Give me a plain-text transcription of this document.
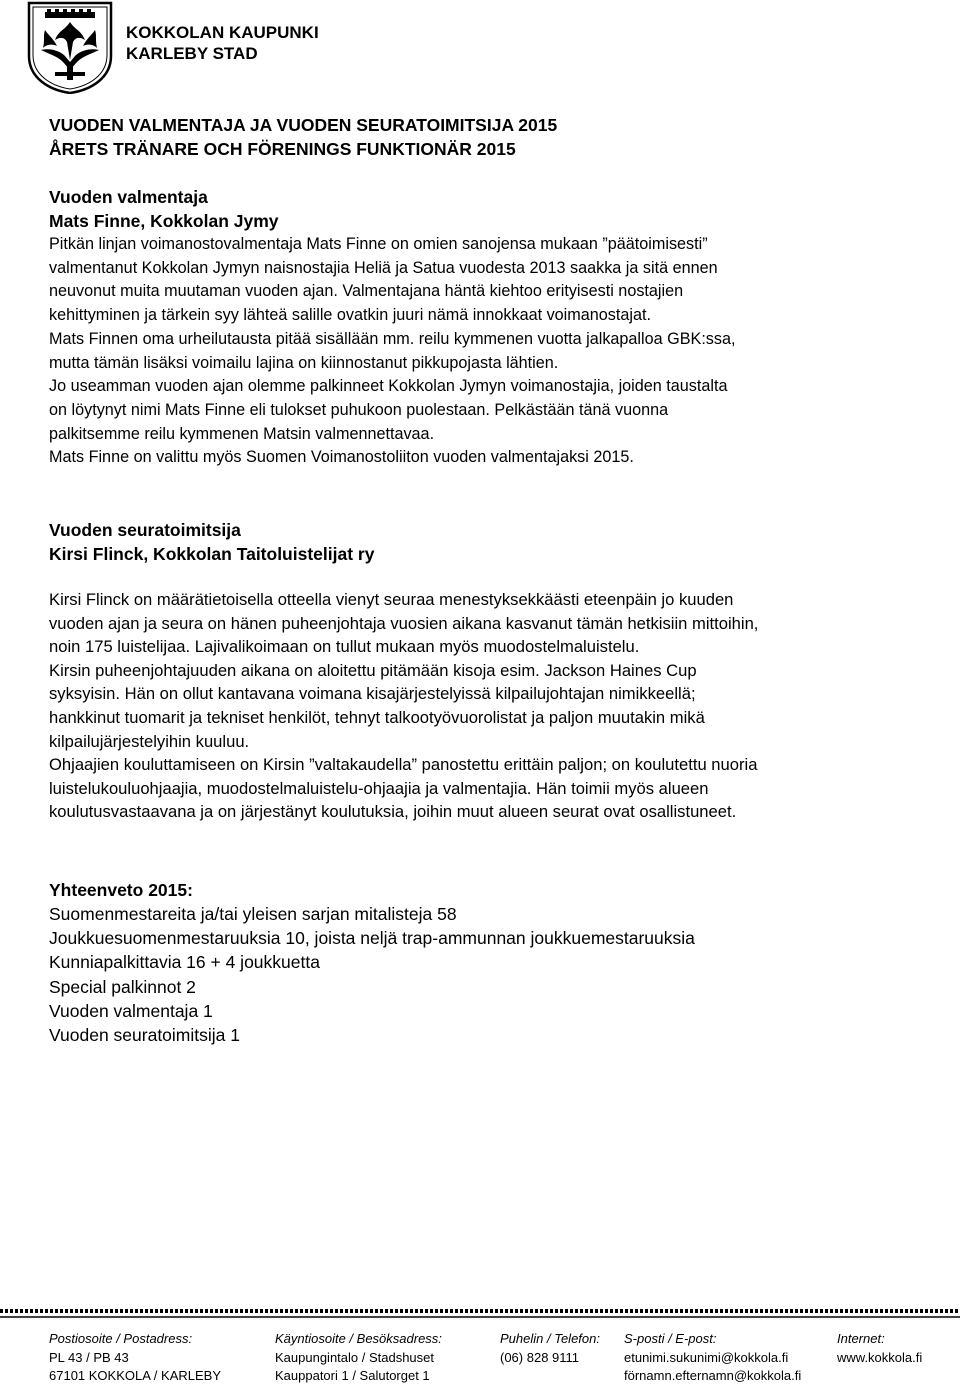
KOKKOLAN KAUPUNKI
KARLEBY STAD
VUODEN VALMENTAJA JA VUODEN SEURATOIMITSIJA 2015
ÅRETS TRÄNARE OCH FÖRENINGS FUNKTIONÄR 2015
Vuoden valmentaja
Mats Finne, Kokkolan Jymy
Pitkän linjan voimanostovalmentaja Mats Finne on omien sanojensa mukaan ”päätoimisesti”
valmentanut Kokkolan Jymyn naisnostajia Heliä ja Satua vuodesta 2013 saakka ja sitä ennen
neuvonut muita muutaman vuoden ajan. Valmentajana häntä kiehtoo erityisesti nostajien
kehittyminen ja tärkein syy lähteä salille ovatkin juuri nämä innokkaat voimanostajat.
Mats Finnen oma urheilutausta pitää sisällään mm. reilu kymmenen vuotta jalkapalloa GBK:ssa,
mutta tämän lisäksi voimailu lajina on kiinnostanut pikkupojasta lähtien.
Jo useamman vuoden ajan olemme palkinneet Kokkolan Jymyn voimanostajia, joiden taustalta
on löytynyt nimi Mats Finne eli tulokset puhukoon puolestaan. Pelkästään tänä vuonna
palkitsemme reilu kymmenen Matsin valmennettavaa.
Mats Finne on valittu myös Suomen Voimanostoliiton vuoden valmentajaksi 2015.
Vuoden seuratoimitsija
Kirsi Flinck, Kokkolan Taitoluistelijat ry
Kirsi Flinck on määrätietoisella otteella vienyt seuraa menestyksekkäästi eteenpäin jo kuuden
vuoden ajan ja seura on hänen puheenjohtaja vuosien aikana kasvanut tämän hetkisiin mittoihin,
noin 175 luistelijaa. Lajivalikoimaan on tullut mukaan myös muodostelmaluistelu.
Kirsin puheenjohtajuuden aikana on aloitettu pitämään kisoja esim. Jackson Haines Cup
syksyisin. Hän on ollut kantavana voimana kisajärjestelyissä kilpailujohtajan nimikkeellä;
hankkinut tuomarit ja tekniset henkilöt, tehnyt talkootyövuorolistat ja paljon muutakin mikä
kilpailujärjestelyihin kuuluu.
Ohjaajien kouluttamiseen on Kirsin ”valtakaudella” panostettu erittäin paljon; on koulutettu nuoria
luistelukouluohjaajia, muodostelmaluistelu-ohjaajia ja valmentajia. Hän toimii myös alueen
koulutusvastaavana ja on järjestänyt koulutuksia, joihin muut alueen seurat ovat osallistuneet.
Yhteenveto 2015:
Suomenmestareita ja/tai yleisen sarjan mitalisteja 58
Joukkuesuomenmestaruuksia 10, joista neljä trap-ammunnan joukkuemestaruuksia
Kunniapalkittavia 16 + 4 joukkuetta
Special palkinnot 2
Vuoden valmentaja 1
Vuoden seuratoimitsija 1
Postiosoite / Postadress:
PL 43 / PB 43
67101 KOKKOLA / KARLEBY
Käyntiosoite / Besöksadress:
Kaupungintalo / Stadshuset
Kauppatori 1 / Salutorget 1
Puhelin / Telefon:
(06) 828 9111
S-posti / E-post:
etunimi.sukunimi@kokkola.fi
förnamn.efternamn@kokkola.fi
Internet:
www.kokkola.fi
